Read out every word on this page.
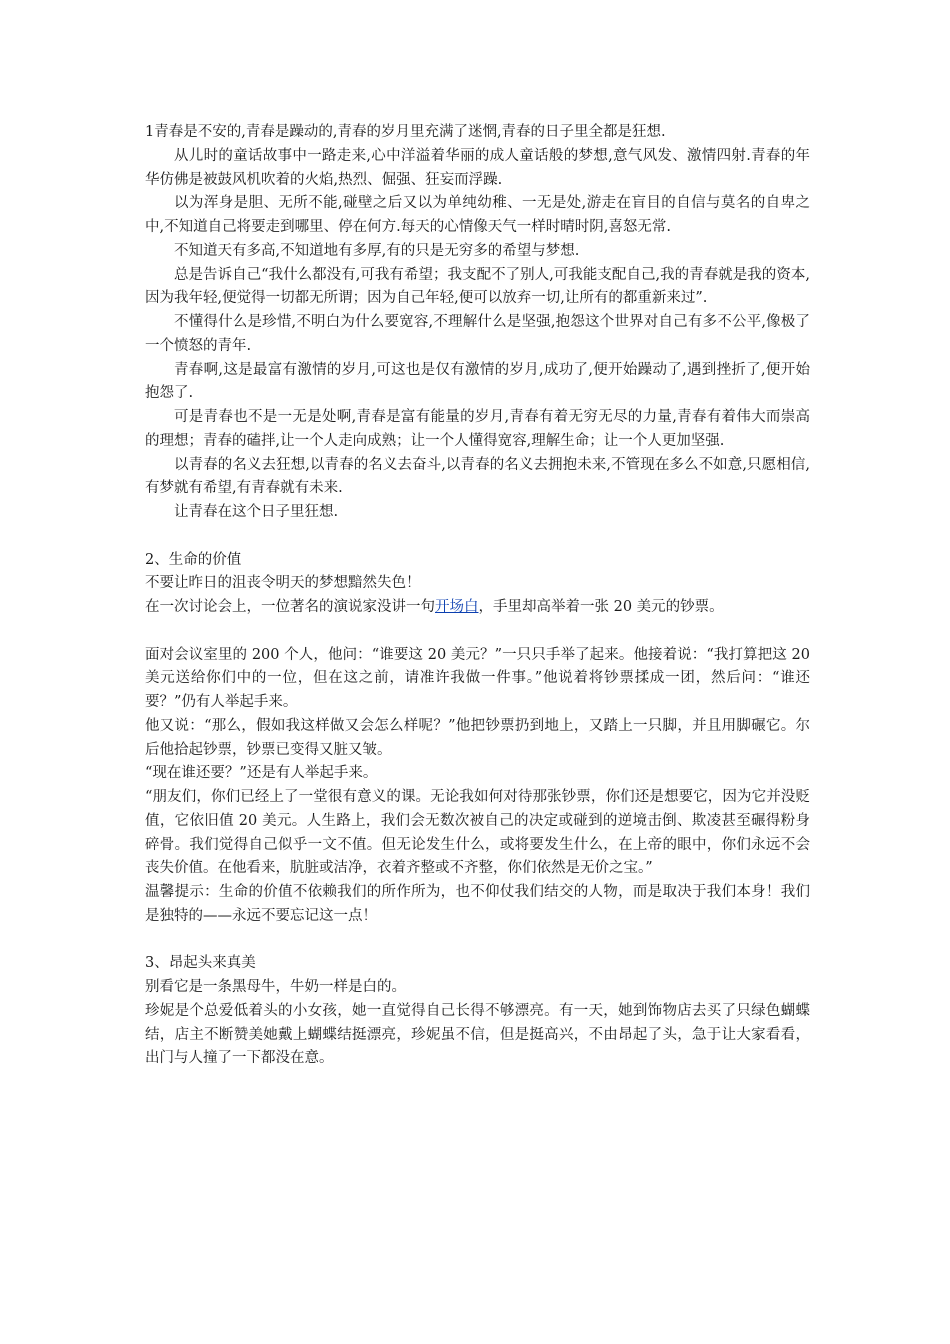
1青春是不安的,青春是躁动的,青春的岁月里充满了迷惘,青春的日子里全都是狂想.

从儿时的童话故事中一路走来,心中洋溢着华丽的成人童话般的梦想,意气风发、激情四射.青春的年华仿佛是被鼓风机吹着的火焰,热烈、倔强、狂妄而浮躁.

以为浑身是胆、无所不能,碰壁之后又以为单纯幼稚、一无是处,游走在盲目的自信与莫名的自卑之中,不知道自己将要走到哪里、停在何方.每天的心情像天气一样时晴时阴,喜怒无常.

不知道天有多高,不知道地有多厚,有的只是无穷多的希望与梦想.

总是告诉自己“我什么都没有,可我有希望；我支配不了别人,可我能支配自己,我的青春就是我的资本,因为我年轻,便觉得一切都无所谓；因为自己年轻,便可以放弃一切,让所有的都重新来过”.

不懂得什么是珍惜,不明白为什么要宽容,不理解什么是坚强,抱怨这个世界对自己有多不公平,像极了一个愤怒的青年.

青春啊,这是最富有激情的岁月,可这也是仅有激情的岁月,成功了,便开始躁动了,遇到挫折了,便开始抱怨了.

可是青春也不是一无是处啊,青春是富有能量的岁月,青春有着无穷无尽的力量,青春有着伟大而崇高的理想；青春的磕拌,让一个人走向成熟；让一个人懂得宽容,理解生命；让一个人更加坚强.

以青春的名义去狂想,以青春的名义去奋斗,以青春的名义去拥抱未来,不管现在多么不如意,只愿相信,有梦就有希望,有青春就有未来.

让青春在这个日子里狂想.

2、生命的价值

不要让昨日的沮丧令明天的梦想黯然失色！

在一次讨论会上，一位著名的演说家没讲一句开场白，手里却高举着一张 20 美元的钞票。

面对会议室里的 200 个人，他问：“谁要这 20 美元？”一只只手举了起来。他接着说：“我打算把这 20 美元送给你们中的一位，但在这之前，请准许我做一件事。”他说着将钞票揉成一团，然后问：“谁还要？”仍有人举起手来。

他又说：“那么，假如我这样做又会怎么样呢？”他把钞票扔到地上，又踏上一只脚，并且用脚碾它。尔后他拾起钞票，钞票已变得又脏又皱。

“现在谁还要？”还是有人举起手来。

“朋友们，你们已经上了一堂很有意义的课。无论我如何对待那张钞票，你们还是想要它，因为它并没贬值，它依旧值 20 美元。人生路上，我们会无数次被自己的决定或碰到的逆境击倒、欺凌甚至碾得粉身碎骨。我们觉得自己似乎一文不值。但无论发生什么，或将要发生什么，在上帝的眼中，你们永远不会丧失价值。在他看来，肮脏或洁净，衣着齐整或不齐整，你们依然是无价之宝。”

温馨提示：生命的价值不依赖我们的所作所为，也不仰仗我们结交的人物，而是取决于我们本身！我们是独特的——永远不要忘记这一点！

3、昂起头来真美

别看它是一条黑母牛，牛奶一样是白的。

珍妮是个总爱低着头的小女孩，她一直觉得自己长得不够漂亮。有一天，她到饰物店去买了只绿色蝴蝶结，店主不断赞美她戴上蝴蝶结挺漂亮，珍妮虽不信，但是挺高兴，不由昂起了头，急于让大家看看，出门与人撞了一下都没在意。
